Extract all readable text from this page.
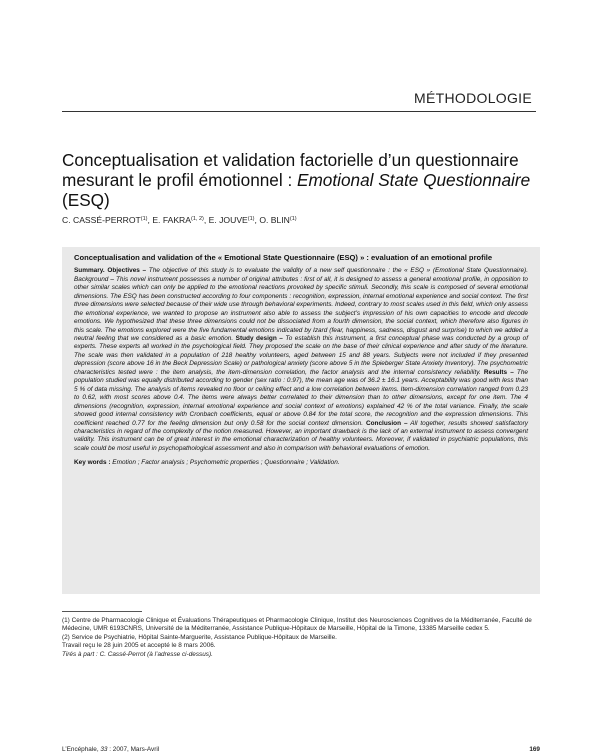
MÉTHODOLOGIE
Conceptualisation et validation factorielle d’un questionnaire mesurant le profil émotionnel : Emotional State Questionnaire (ESQ)
C. CASSÉ-PERROT$^{(1)}$, E. FAKRA$^{(1, 2)}$, E. JOUVE$^{(1)}$, O. BLIN$^{(1)}$

Conceptualisation and validation of the « Emotional State Questionnaire (ESQ) » : evaluation of an emotional profile

Summary. Objectives – The objective of this study is to evaluate the validity of a new self questionnaire : the « ESQ » (Emotional State Questionnaire). Background – This novel instrument possesses a number of original attributes : first of all, it is designed to assess a general emotional profile, in opposition to other similar scales which can only be applied to the emotional reactions provoked by specific stimuli. Secondly, this scale is composed of several emotional dimensions. The ESQ has been constructed according to four components : recognition, expression, internal emotional experience and social context. The first three dimensions were selected because of their wide use through behavioral experiments. Indeed, contrary to most scales used in this field, which only assess the emotional experience, we wanted to propose an instrument also able to assess the subject’s impression of his own capacities to encode and decode emotions. We hypothesized that these three dimensions could not be dissociated from a fourth dimension, the social context, which therefore also figures in this scale. The emotions explored were the five fundamental emotions indicated by Izard (fear, happiness, sadness, disgust and surprise) to which we added a neutral feeling that we considered as a basic emotion. Study design – To establish this instrument, a first conceptual phase was conducted by a group of experts. These experts all worked in the psychological field. They proposed the scale on the base of their clinical experience and after study of the literature. The scale was then validated in a population of 218 healthy volunteers, aged between 15 and 88 years. Subjects were not included if they presented depression (score above 16 in the Beck Depression Scale) or pathological anxiety (score above 5 in the Spieberger State Anxiety Inventory). The psychometric characteristics tested were : the item analysis, the item-dimension correlation, the factor analysis and the internal consistency reliability. Results – The population studied was equally distributed according to gender (sex ratio : 0.97), the mean age was of 36.2 ± 16.1 years. Acceptability was good with less than 5 % of data missing. The analysis of items revealed no floor or ceiling effect and a low correlation between items. Item-dimension correlation ranged from 0.23 to 0.62, with most scores above 0.4. The items were always better correlated to their dimension than to other dimensions, except for one item. The 4 dimensions (recognition, expression, internal emotional experience and social context of emotions) explained 42 % of the total variance. Finally, the scale showed good internal consistency with Cronbach coefficients, equal or above 0.84 for the total score, the recognition and the expression dimensions. This coefficient reached 0.77 for the feeling dimension but only 0.58 for the social context dimension. Conclusion – All together, results showed satisfactory characteristics in regard of the complexity of the notion measured. However, an important drawback is the lack of an external instrument to assess convergent validity. This instrument can be of great interest in the emotional characterization of healthy volunteers. Moreover, if validated in psychiatric populations, this scale could be most useful in psychopathological assessment and also in comparison with behavioral evaluations of emotion.

Key words : Emotion ; Factor analysis ; Psychometric properties ; Questionnaire ; Validation.

(1) Centre de Pharmacologie Clinique et Évaluations Thérapeutiques et Pharmacologie Clinique, Institut des Neurosciences Cognitives de la Méditerranée, Faculté de Médecine, UMR 6193CNRS, Université de la Méditerranée, Assistance Publique-Hôpitaux de Marseille, Hôpital de la Timone, 13385 Marseille cedex 5.

(2) Service de Psychiatrie, Hôpital Sainte-Marguerite, Assistance Publique-Hôpitaux de Marseille.

Travail reçu le 28 juin 2005 et accepté le 8 mars 2006.

Tirés à part : C. Cassé-Perrot (à l’adresse ci-dessus).

L’Encéphale, 33 : 2007, Mars-Avril	169
